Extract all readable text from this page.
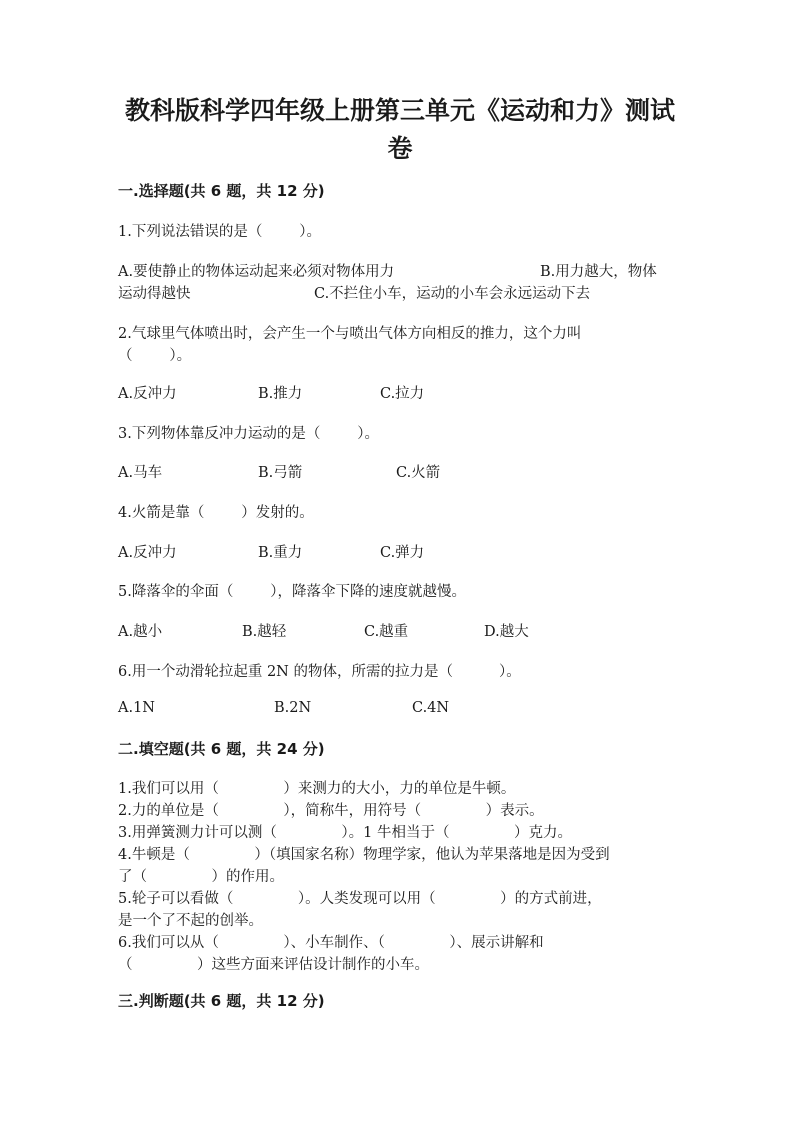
教科版科学四年级上册第三单元《运动和力》测试卷
一.选择题(共 6 题，共 12 分)
1.下列说法错误的是（        ）。
A.要使静止的物体运动起来必须对物体用力	B.用力越大，物体
运动得越快	C.不拦住小车，运动的小车会永远运动下去
2.气球里气体喷出时，会产生一个与喷出气体方向相反的推力，这个力叫
（        ）。
A.反冲力	B.推力	C.拉力
3.下列物体靠反冲力运动的是（        ）。
A.马车	B.弓箭	C.火箭
4.火箭是靠（        ）发射的。
A.反冲力	B.重力	C.弹力
5.降落伞的伞面（        ），降落伞下降的速度就越慢。
A.越小	B.越轻	C.越重	D.越大
6.用一个动滑轮拉起重 2N 的物体，所需的拉力是（          ）。
A.1N	B.2N	C.4N
二.填空题(共 6 题，共 24 分)
1.我们可以用（              ）来测力的大小，力的单位是牛顿。
2.力的单位是（              ），简称牛，用符号（              ）表示。
3.用弹簧测力计可以测（              ）。1 牛相当于（              ）克力。
4.牛顿是（              ）（填国家名称）物理学家，他认为苹果落地是因为受到
了（              ）的作用。
5.轮子可以看做（              ）。人类发现可以用（              ）的方式前进，
是一个了不起的创举。
6.我们可以从（              ）、小车制作、（              ）、展示讲解和
（              ）这些方面来评估设计制作的小车。
三.判断题(共 6 题，共 12 分)
